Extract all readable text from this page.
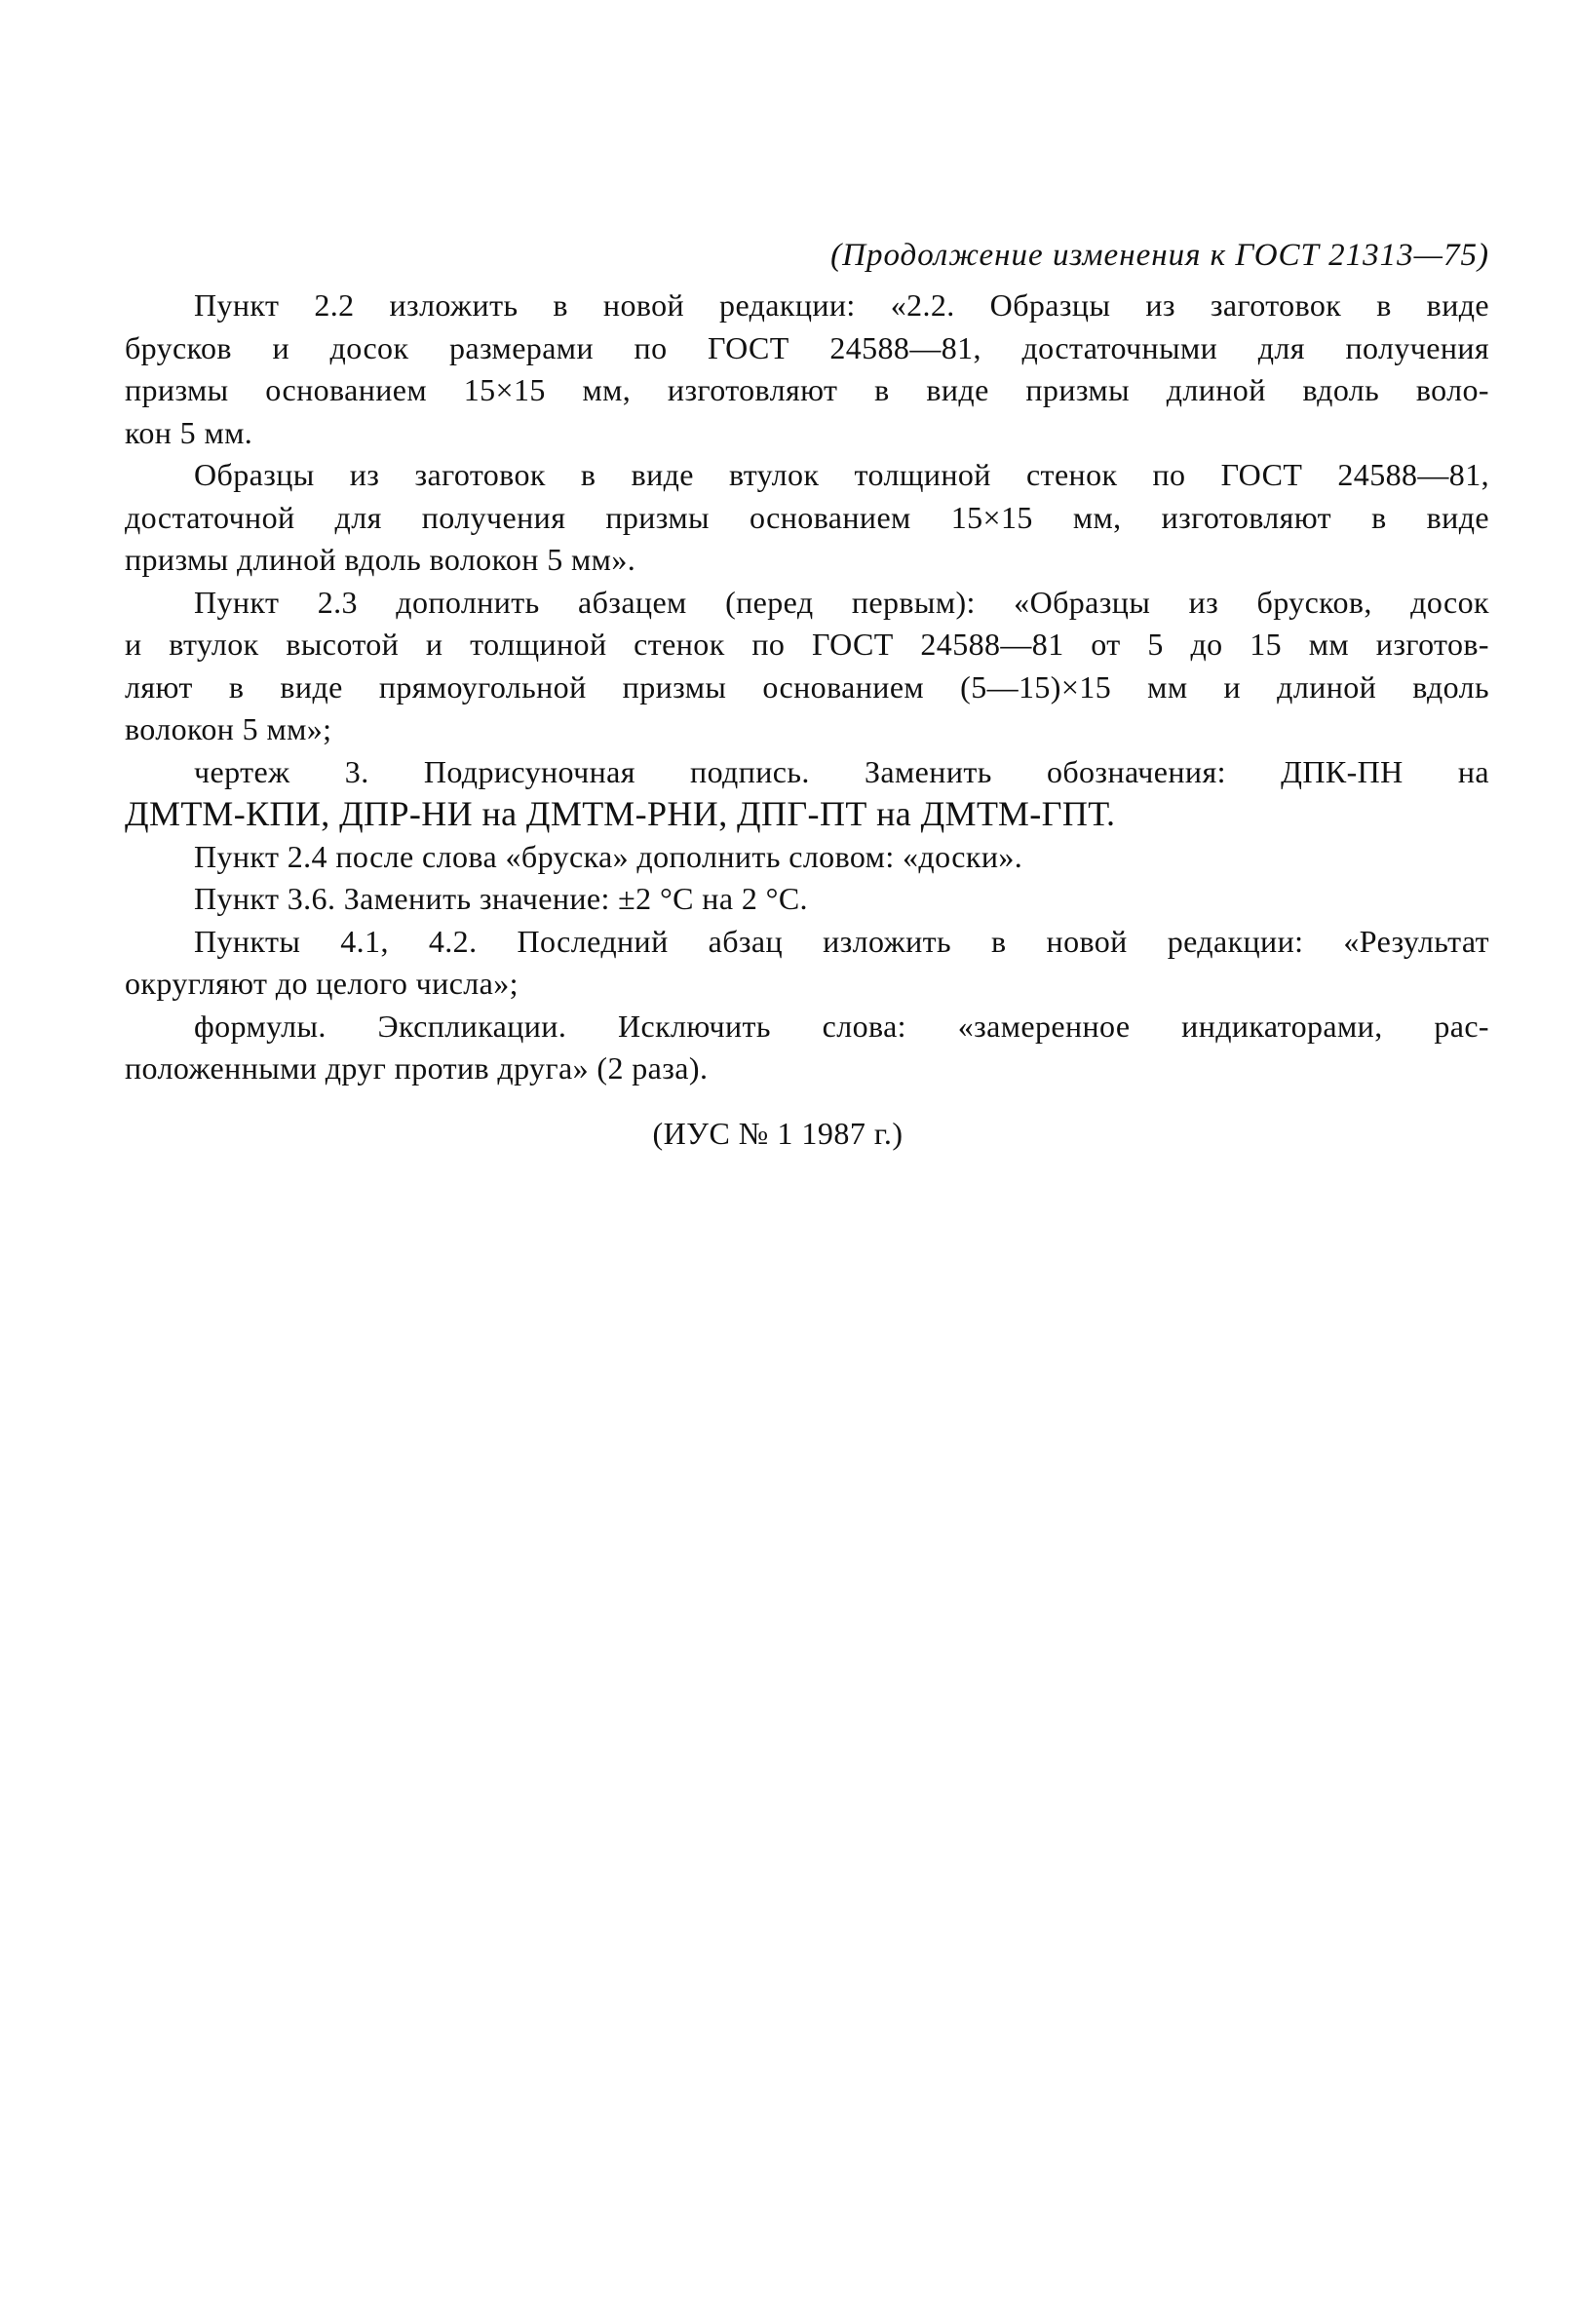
(Продолжение изменения к ГОСТ 21313—75)

Пункт 2.2 изложить в новой редакции: «2.2. Образцы из заготовок в виде
брусков и досок размерами по ГОСТ 24588—81, достаточными для получения
призмы основанием 15×15 мм, изготовляют в виде призмы длиной вдоль воло-
кон 5 мм.

Образцы из заготовок в виде втулок толщиной стенок по ГОСТ 24588—81,
достаточной для получения призмы основанием 15×15 мм, изготовляют в виде
призмы длиной вдоль волокон 5 мм».

Пункт 2.3 дополнить абзацем (перед первым): «Образцы из брусков, досок
и втулок высотой и толщиной стенок по ГОСТ 24588—81 от 5 до 15 мм изготов-
ляют в виде прямоугольной призмы основанием (5—15)×15 мм и длиной вдоль
волокон 5 мм»;

чертеж 3. Подрисуночная подпись. Заменить обозначения: ДПК-ПН на
ДМТМ-КПИ, ДПР-НИ на ДМТМ-РНИ, ДПГ-ПТ на ДМТМ-ГПТ.

Пункт 2.4 после слова «бруска» дополнить словом: «доски».

Пункт 3.6. Заменить значение: ±2 °С на 2 °С.

Пункты 4.1, 4.2. Последний абзац изложить в новой редакции: «Результат
округляют до целого числа»;

формулы. Экспликации. Исключить слова: «замеренное индикаторами, рас-
положенными друг против друга» (2 раза).

(ИУС № 1 1987 г.)
